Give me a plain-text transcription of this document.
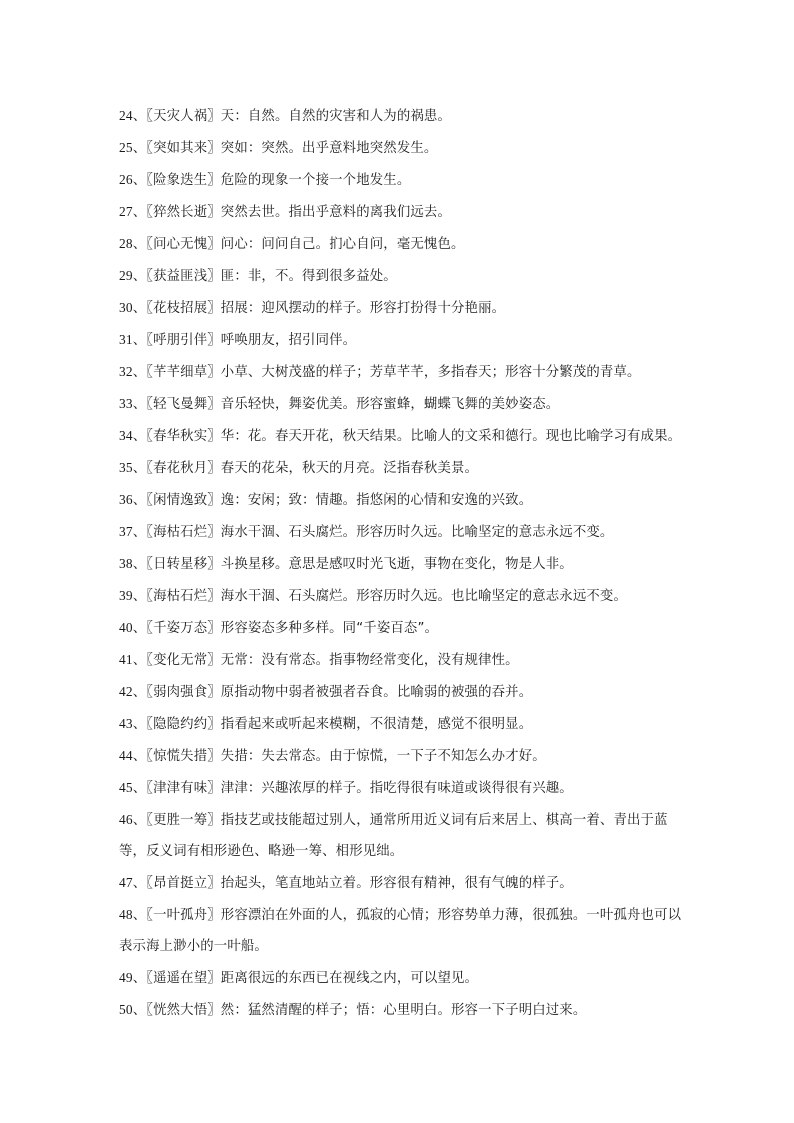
24、〖天灾人祸〗天：自然。自然的灾害和人为的祸患。

25、〖突如其来〗突如：突然。出乎意料地突然发生。

26、〖险象迭生〗危险的现象一个接一个地发生。

27、〖猝然长逝〗突然去世。指出乎意料的离我们远去。

28、〖问心无愧〗问心：问问自己。扪心自问，毫无愧色。

29、〖获益匪浅〗匪：非，不。得到很多益处。

30、〖花枝招展〗招展：迎风摆动的样子。形容打扮得十分艳丽。

31、〖呼朋引伴〗呼唤朋友，招引同伴。

32、〖芊芊细草〗小草、大树茂盛的样子；芳草芊芊，多指春天；形容十分繁茂的青草。

33、〖轻飞曼舞〗音乐轻快，舞姿优美。形容蜜蜂，蝴蝶飞舞的美妙姿态。

34、〖春华秋实〗华：花。春天开花，秋天结果。比喻人的文采和德行。现也比喻学习有成果。

35、〖春花秋月〗春天的花朵，秋天的月亮。泛指春秋美景。

36、〖闲情逸致〗逸：安闲；致：情趣。指悠闲的心情和安逸的兴致。

37、〖海枯石烂〗海水干涸、石头腐烂。形容历时久远。比喻坚定的意志永远不变。

38、〖日转星移〗斗换星移。意思是感叹时光飞逝，事物在变化，物是人非。

39、〖海枯石烂〗海水干涸、石头腐烂。形容历时久远。也比喻坚定的意志永远不变。

40、〖千姿万态〗形容姿态多种多样。同“千姿百态”。

41、〖变化无常〗无常：没有常态。指事物经常变化，没有规律性。

42、〖弱肉强食〗原指动物中弱者被强者吞食。比喻弱的被强的吞并。

43、〖隐隐约约〗指看起来或听起来模糊，不很清楚，感觉不很明显。

44、〖惊慌失措〗失措：失去常态。由于惊慌，一下子不知怎么办才好。

45、〖津津有味〗津津：兴趣浓厚的样子。指吃得很有味道或谈得很有兴趣。

46、〖更胜一筹〗指技艺或技能超过别人，通常所用近义词有后来居上、棋高一着、青出于蓝等，反义词有相形逊色、略逊一筹、相形见绌。

47、〖昂首挺立〗抬起头，笔直地站立着。形容很有精神，很有气魄的样子。

48、〖一叶孤舟〗形容漂泊在外面的人，孤寂的心情；形容势单力薄，很孤独。一叶孤舟也可以表示海上渺小的一叶船。

49、〖遥遥在望〗距离很远的东西已在视线之内，可以望见。

50、〖恍然大悟〗然：猛然清醒的样子；悟：心里明白。形容一下子明白过来。
